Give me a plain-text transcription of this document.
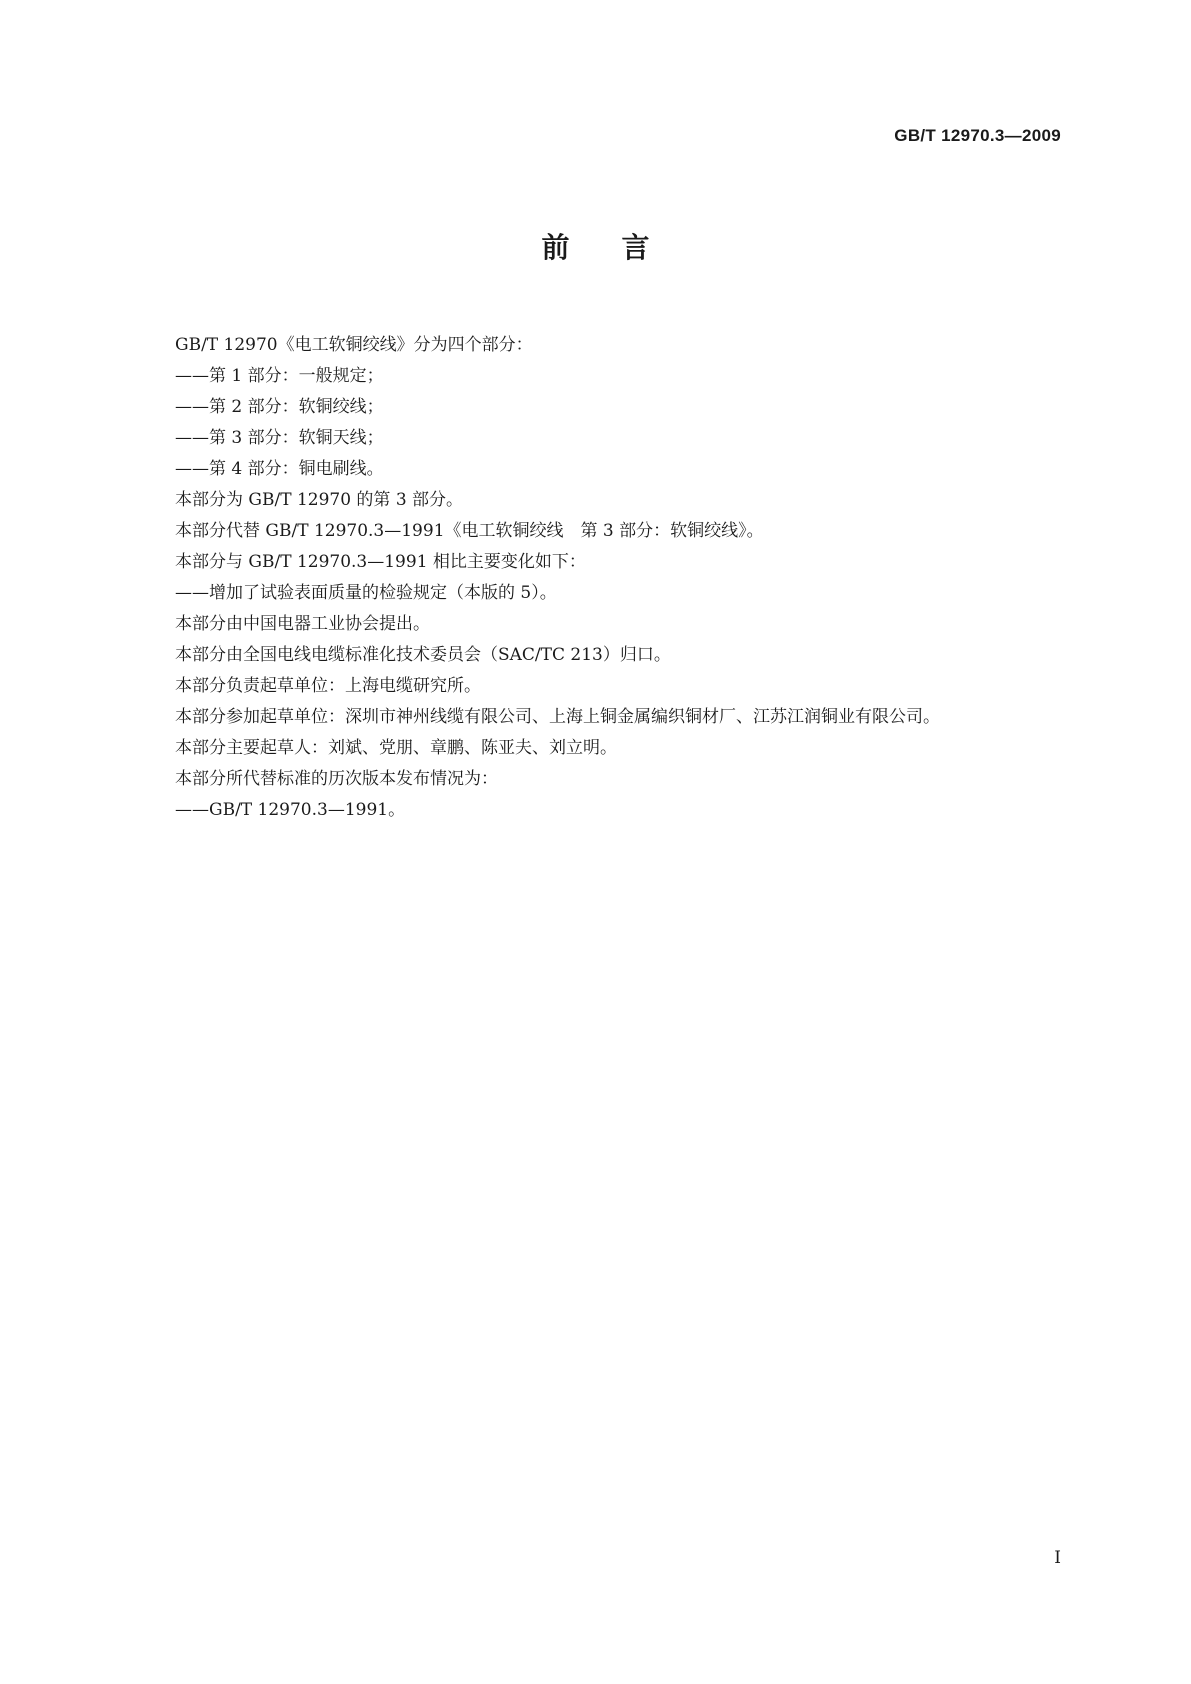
GB/T 12970.3—2009
前言

GB/T 12970《电工软铜绞线》分为四个部分：

——第 1 部分：一般规定；

——第 2 部分：软铜绞线；

——第 3 部分：软铜天线；

——第 4 部分：铜电刷线。

本部分为 GB/T 12970 的第 3 部分。

本部分代替 GB/T 12970.3—1991《电工软铜绞线　第 3 部分：软铜绞线》。

本部分与 GB/T 12970.3—1991 相比主要变化如下：

——增加了试验表面质量的检验规定（本版的 5）。

本部分由中国电器工业协会提出。

本部分由全国电线电缆标准化技术委员会（SAC/TC 213）归口。

本部分负责起草单位：上海电缆研究所。

本部分参加起草单位：深圳市神州线缆有限公司、上海上铜金属编织铜材厂、江苏江润铜业有限公司。

本部分主要起草人：刘斌、党朋、章鹏、陈亚夫、刘立明。

本部分所代替标准的历次版本发布情况为：

——GB/T 12970.3—1991。

I
